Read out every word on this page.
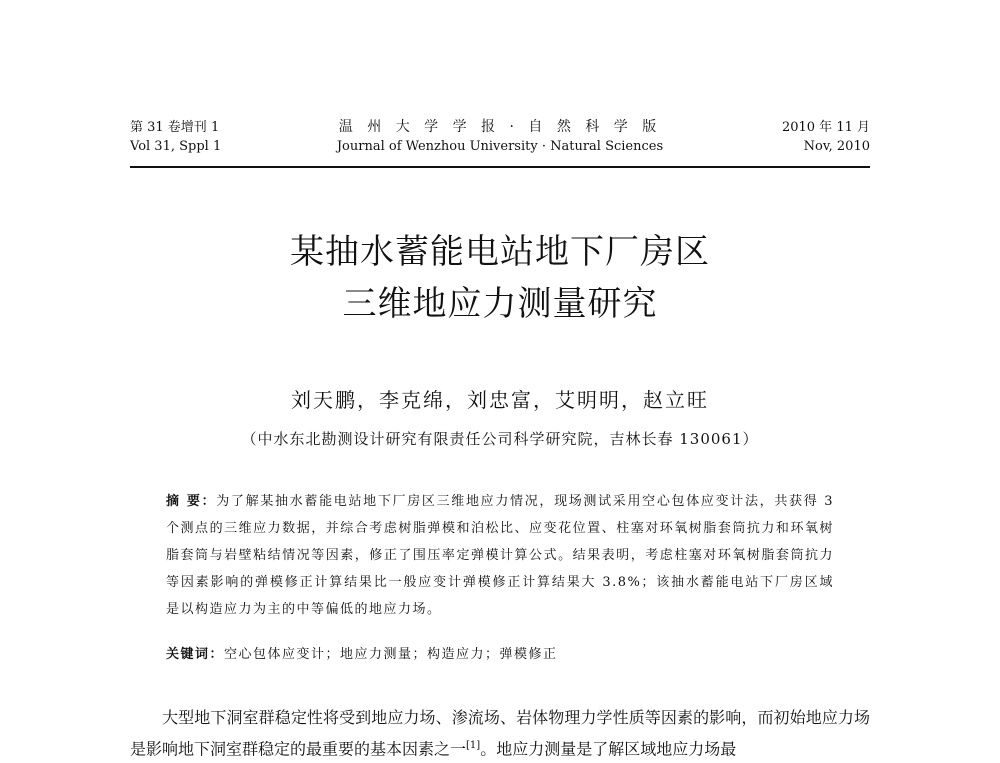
第 31 卷增刊 1
Vol 31, Sppl 1
温 州 大 学 学 报 · 自 然 科 学 版
Journal of Wenzhou University · Natural Sciences
2010 年 11 月
Nov, 2010
某抽水蓄能电站地下厂房区
三维地应力测量研究
刘天鹏，李克绵，刘忠富，艾明明，赵立旺
（中水东北勘测设计研究有限责任公司科学研究院，吉林长春 130061）
摘 要：为了解某抽水蓄能电站地下厂房区三维地应力情况，现场测试采用空心包体应变计法，共获得 3 个测点的三维应力数据，并综合考虑树脂弹模和泊松比、应变花位置、柱塞对环氧树脂套筒抗力和环氧树脂套筒与岩壁粘结情况等因素，修正了围压率定弹模计算公式。结果表明，考虑柱塞对环氧树脂套筒抗力等因素影响的弹模修正计算结果比一般应变计弹模修正计算结果大 3.8%；该抽水蓄能电站下厂房区域是以构造应力为主的中等偏低的地应力场。
关键词：空心包体应变计；地应力测量；构造应力；弹模修正
大型地下洞室群稳定性将受到地应力场、渗流场、岩体物理力学性质等因素的影响，而初始地应力场是影响地下洞室群稳定的最重要的基本因素之一[1]。地应力测量是了解区域地应力场最
